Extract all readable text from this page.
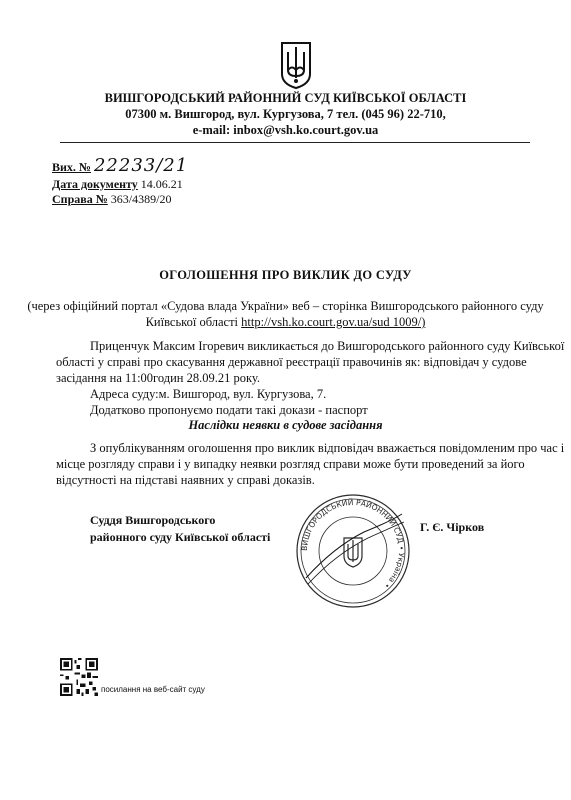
ВИШГОРОДСЬКИЙ РАЙОННИЙ СУД КИЇВСЬКОЇ ОБЛАСТІ
07300 м. Вишгород, вул. Кургузова, 7 тел. (045 96) 22-710,
e-mail: inbox@vsh.ko.court.gov.ua
Вих. № 22233/21
Дата документу 14.06.21
Справа № 363/4389/20
ОГОЛОШЕННЯ ПРО ВИКЛИК ДО СУДУ
(через офіційний портал «Судова влада України» веб – сторінка Вишгородського районного суду
Київської області http://vsh.ko.court.gov.ua/sud 1009/)
Приценчук Максим Ігоревич викликається до Вишгородського районного суду Київської
області у справі про скасування державної реєстрації правочинів як: відповідач у судове
засідання на 11:00годин 28.09.21 року.
Адреса суду:м. Вишгород, вул. Кургузова, 7.
Додатково пропонуємо подати такі докази - паспорт
Наслідки неявки в судове засідання
З опублікуванням оголошення про виклик відповідач вважається повідомленим про час і
місце розгляду справи і у випадку неявки розгляд справи може бути проведений за його
відсутності на підставі наявних у справі доказів.
Суддя Вишгородського
районного суду Київської області
ВИШГОРОДСЬКИЙ РАЙОННИЙ СУД • Україна •
Г. Є. Чірков
посилання на веб-сайт суду
